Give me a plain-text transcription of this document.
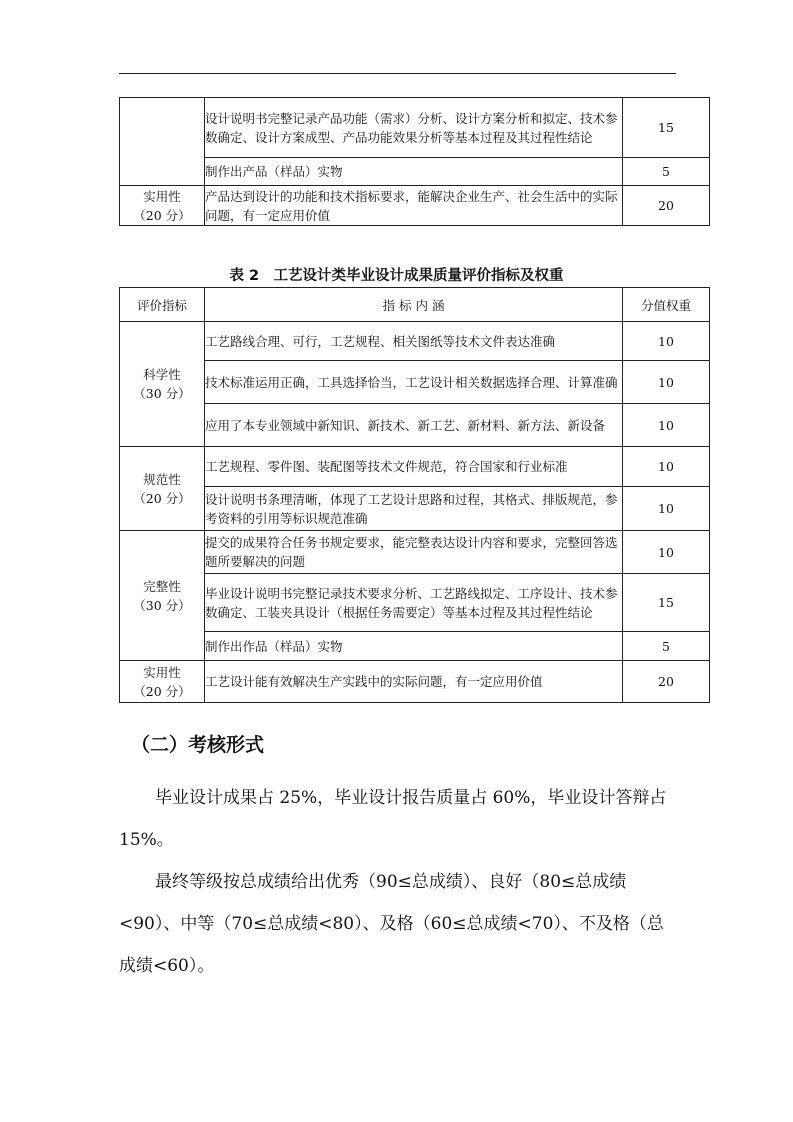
	设计说明书完整记录产品功能（需求）分析、设计方案分析和拟定、技术参数确定、设计方案成型、产品功能效果分析等基本过程及其过程性结论	15
	制作出产品（样品）实物	5
实用性
（20 分）	产品达到设计的功能和技术指标要求，能解决企业生产、社会生活中的实际问题，有一定应用价值	20
表 2　工艺设计类毕业设计成果质量评价指标及权重
评价指标	指 标 内 涵	分值权重
科学性
（30 分）	工艺路线合理、可行，工艺规程、相关图纸等技术文件表达准确	10
	技术标准运用正确，工具选择恰当，工艺设计相关数据选择合理、计算准确	10
	应用了本专业领域中新知识、新技术、新工艺、新材料、新方法、新设备	10
规范性
（20 分）	工艺规程、零件图、装配图等技术文件规范，符合国家和行业标准	10
	设计说明书条理清晰，体现了工艺设计思路和过程，其格式、排版规范，参考资料的引用等标识规范准确	10
完整性
（30 分）	提交的成果符合任务书规定要求，能完整表达设计内容和要求，完整回答选题所要解决的问题	10
	毕业设计说明书完整记录技术要求分析、工艺路线拟定、工序设计、技术参数确定、工装夹具设计（根据任务需要定）等基本过程及其过程性结论	15
	制作出作品（样品）实物	5
实用性
（20 分）	工艺设计能有效解决生产实践中的实际问题，有一定应用价值	20
（二）考核形式

毕业设计成果占 25%，毕业设计报告质量占 60%，毕业设计答辩占 15%。

最终等级按总成绩给出优秀（90≤总成绩）、良好（80≤总成绩<90）、中等（70≤总成绩<80）、及格（60≤总成绩<70）、不及格（总成绩<60）。
